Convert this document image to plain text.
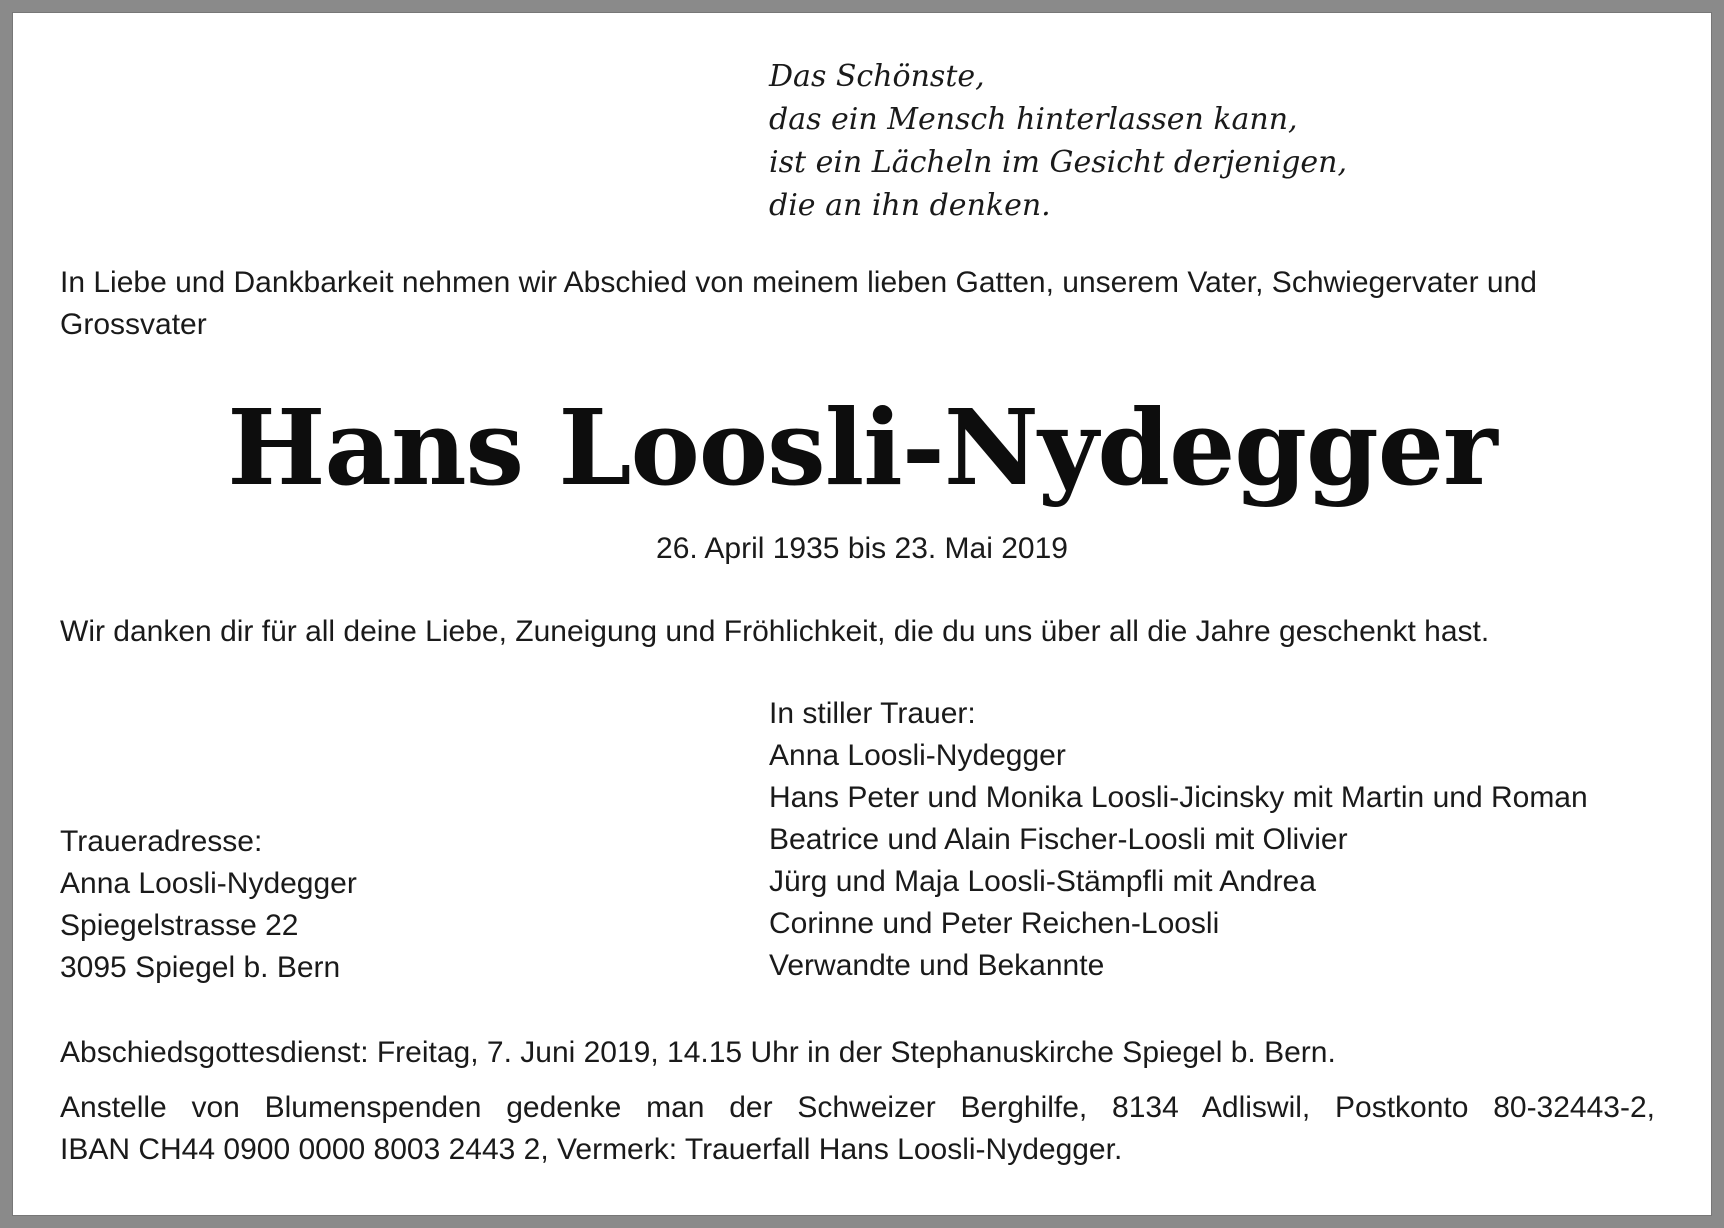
Das Schönste,
das ein Mensch hinterlassen kann,
ist ein Lächeln im Gesicht derjenigen,
die an ihn denken.

In Liebe und Dankbarkeit nehmen wir Abschied von meinem lieben Gatten, unserem Vater, Schwiegervater und Grossvater

Hans Loosli-Nydegger

26. April 1935 bis 23. Mai 2019

Wir danken dir für all deine Liebe, Zuneigung und Fröhlichkeit, die du uns über all die Jahre geschenkt hast.

In stiller Trauer:
Anna Loosli-Nydegger
Hans Peter und Monika Loosli-Jicinsky mit Martin und Roman
Beatrice und Alain Fischer-Loosli mit Olivier
Jürg und Maja Loosli-Stämpfli mit Andrea
Corinne und Peter Reichen-Loosli
Verwandte und Bekannte
Traueradresse:
Anna Loosli-Nydegger
Spiegelstrasse 22
3095 Spiegel b. Bern

Abschiedsgottesdienst: Freitag, 7. Juni 2019, 14.15 Uhr in der Stephanuskirche Spiegel b. Bern.

Anstelle von Blumenspenden gedenke man der Schweizer Berghilfe, 8134 Adliswil, Postkonto 80-32443-2,
IBAN CH44 0900 0000 8003 2443 2, Vermerk: Trauerfall Hans Loosli-Nydegger.
